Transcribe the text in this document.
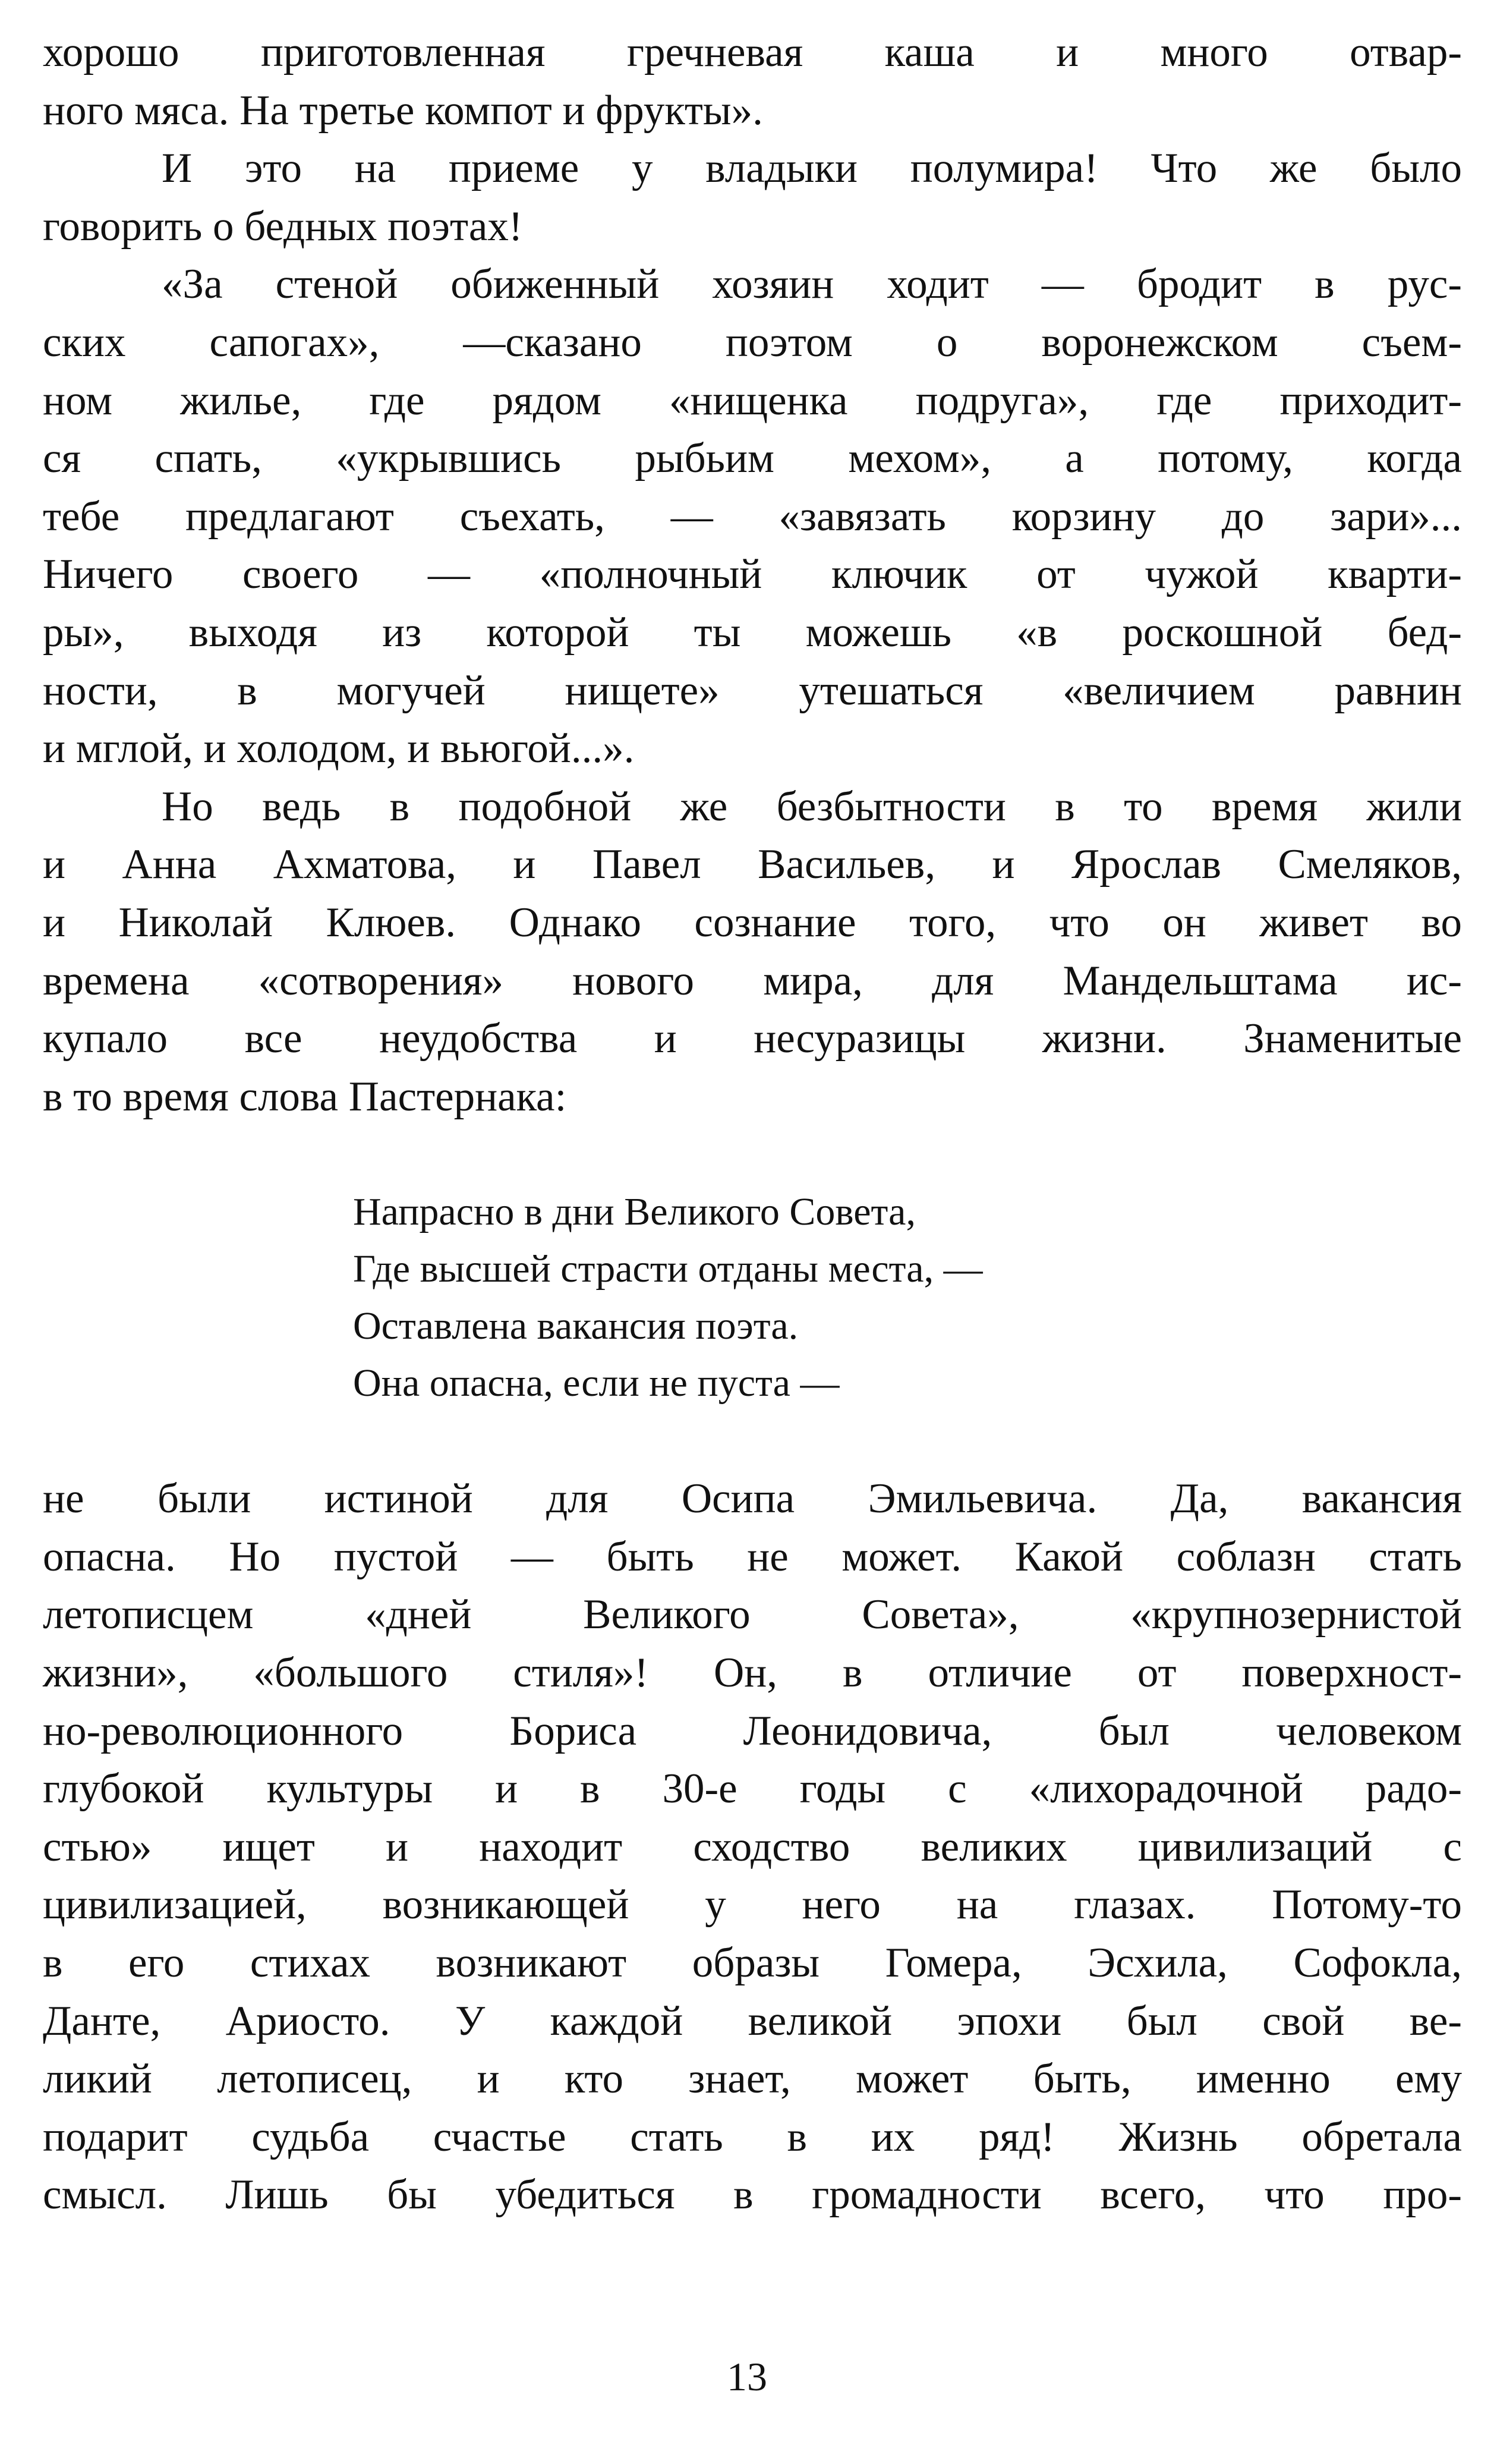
хорошо приготовленная гречневая каша и много отвар-
ного мяса. На третье компот и фрукты».

И это на приеме у владыки полумира! Что же было
говорить о бедных поэтах!

«За стеной обиженный хозяин ходит — бродит в рус-
ских сапогах», —сказано поэтом о воронежском съем-
ном жилье, где рядом «нищенка подруга», где приходит-
ся спать, «укрывшись рыбьим мехом», а потому, когда
тебе предлагают съехать, — «завязать корзину до зари»...
Ничего своего — «полночный ключик от чужой кварти-
ры», выходя из которой ты можешь «в роскошной бед-
ности, в могучей нищете» утешаться «величием равнин
и мглой, и холодом, и вьюгой...».

Но ведь в подобной же безбытности в то время жили
и Анна Ахматова, и Павел Васильев, и Ярослав Смеляков,
и Николай Клюев. Однако сознание того, что он живет во
времена «сотворения» нового мира, для Мандельштама ис-
купало все неудобства и несуразицы жизни. Знаменитые
в то время слова Пастернака:

Напрасно в дни Великого Совета,
Где высшей страсти отданы места, —
Оставлена вакансия поэта.
Она опасна, если не пуста —

не были истиной для Осипа Эмильевича. Да, вакансия
опасна. Но пустой — быть не может. Какой соблазн стать
летописцем «дней Великого Совета», «крупнозернистой
жизни», «большого стиля»! Он, в отличие от поверхност-
но-революционного Бориса Леонидовича, был человеком
глубокой культуры и в 30-е годы с «лихорадочной радо-
стью» ищет и находит сходство великих цивилизаций с
цивилизацией, возникающей у него на глазах. Потому-то
в его стихах возникают образы Гомера, Эсхила, Софокла,
Данте, Ариосто. У каждой великой эпохи был свой ве-
ликий летописец, и кто знает, может быть, именно ему
подарит судьба счастье стать в их ряд! Жизнь обретала
смысл. Лишь бы убедиться в громадности всего, что про-

13
